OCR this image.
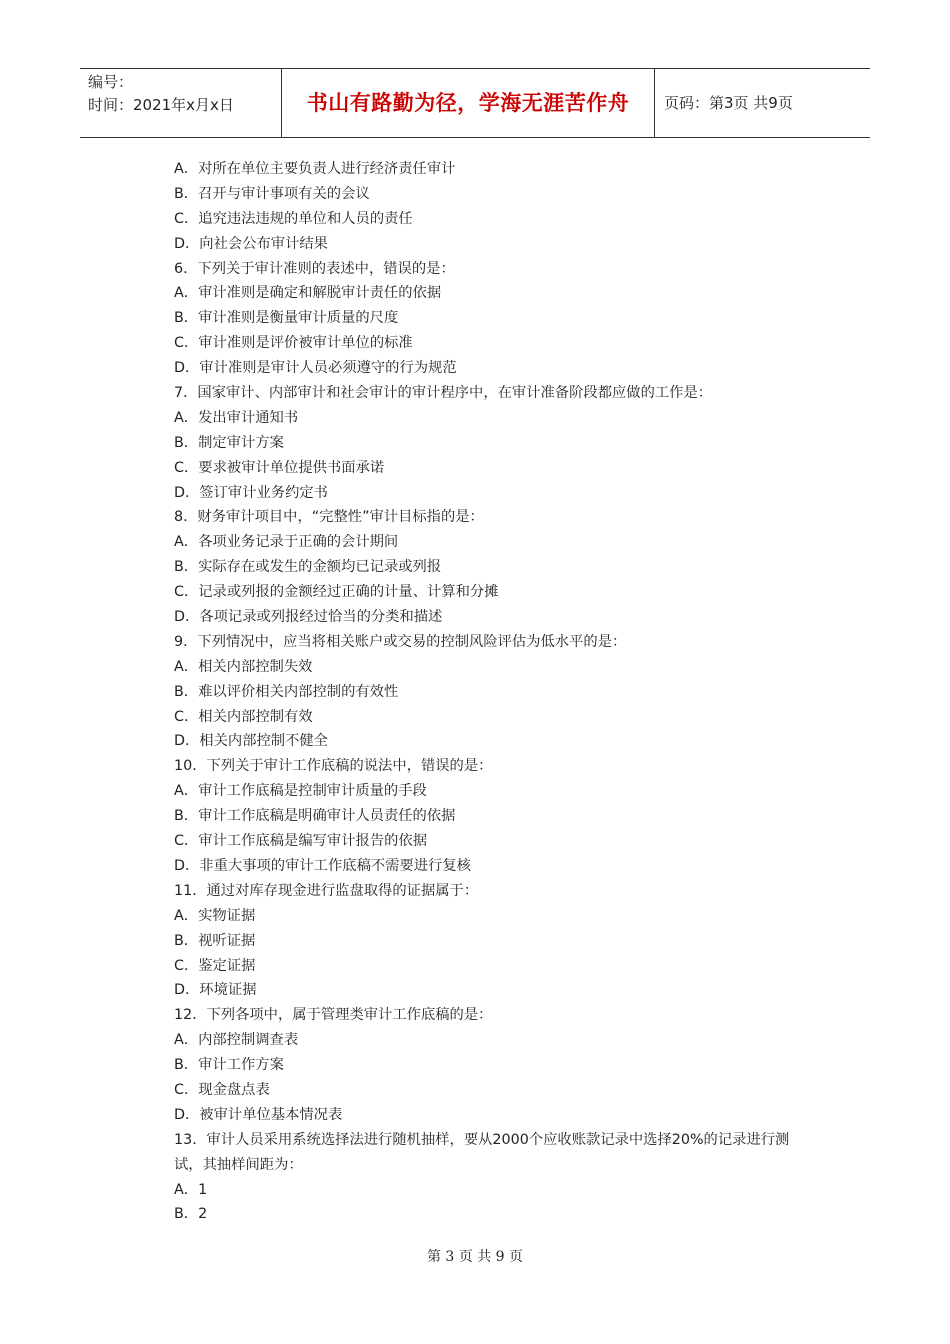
编号：
时间：2021年x月x日	书山有路勤为径，学海无涯苦作舟	页码：第3页 共9页
A．对所在单位主要负责人进行经济责任审计
B．召开与审计事项有关的会议
C．追究违法违规的单位和人员的责任
D．向社会公布审计结果
6．下列关于审计准则的表述中，错误的是：
A．审计准则是确定和解脱审计责任的依据
B．审计准则是衡量审计质量的尺度
C．审计准则是评价被审计单位的标准
D．审计准则是审计人员必须遵守的行为规范
7．国家审计、内部审计和社会审计的审计程序中，在审计准备阶段都应做的工作是：
A．发出审计通知书
B．制定审计方案
C．要求被审计单位提供书面承诺
D．签订审计业务约定书
8．财务审计项目中，“完整性”审计目标指的是：
A．各项业务记录于正确的会计期间
B．实际存在或发生的金额均已记录或列报
C．记录或列报的金额经过正确的计量、计算和分摊
D．各项记录或列报经过恰当的分类和描述
9．下列情况中，应当将相关账户或交易的控制风险评估为低水平的是：
A．相关内部控制失效
B．难以评价相关内部控制的有效性
C．相关内部控制有效
D．相关内部控制不健全
10．下列关于审计工作底稿的说法中，错误的是：
A．审计工作底稿是控制审计质量的手段
B．审计工作底稿是明确审计人员责任的依据
C．审计工作底稿是编写审计报告的依据
D．非重大事项的审计工作底稿不需要进行复核
11．通过对库存现金进行监盘取得的证据属于：
A．实物证据
B．视听证据
C．鉴定证据
D．环境证据
12．下列各项中，属于管理类审计工作底稿的是：
A．内部控制调查表
B．审计工作方案
C．现金盘点表
D．被审计单位基本情况表
13．审计人员采用系统选择法进行随机抽样，要从2000个应收账款记录中选择20%的记录进行测试，其抽样间距为：
A．1
B．2
第 3 页 共 9 页
